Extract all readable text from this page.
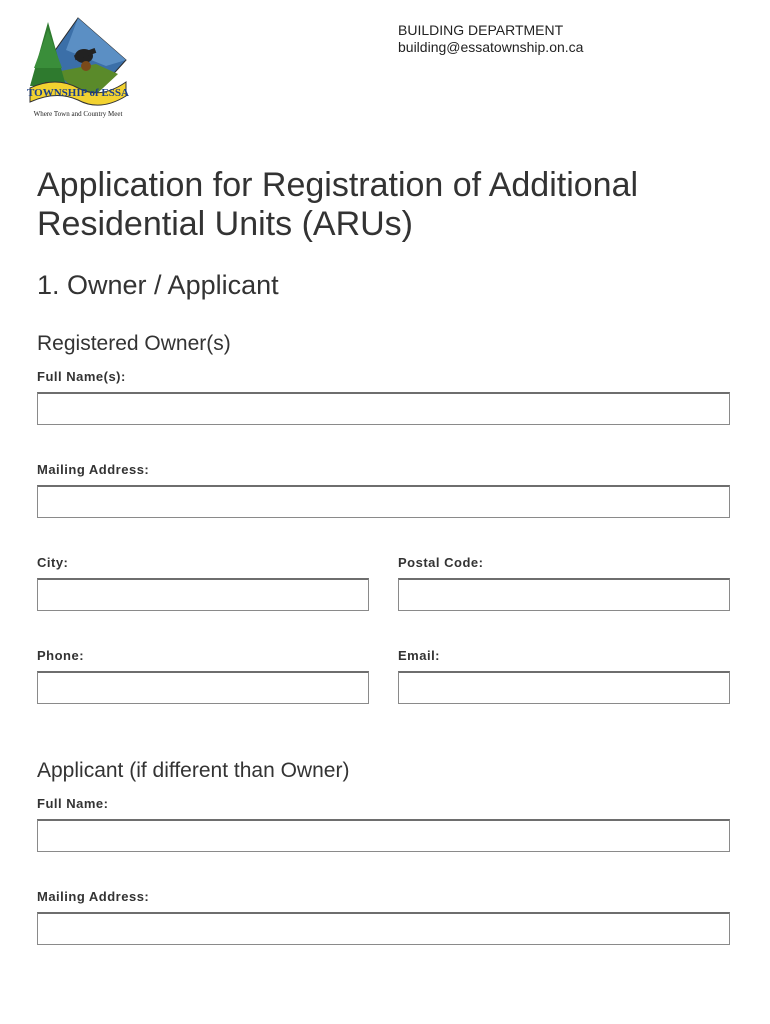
TOWNSHIP of ESSA
Where Town and Country Meet
BUILDING DEPARTMENT
building@essatownship.on.ca
Application for Registration of Additional Residential Units (ARUs)
1. Owner / Applicant
Registered Owner(s)
Full Name(s):
Mailing Address:
City:	Postal Code:
Phone:	Email:
Applicant (if different than Owner)
Full Name:
Mailing Address:
